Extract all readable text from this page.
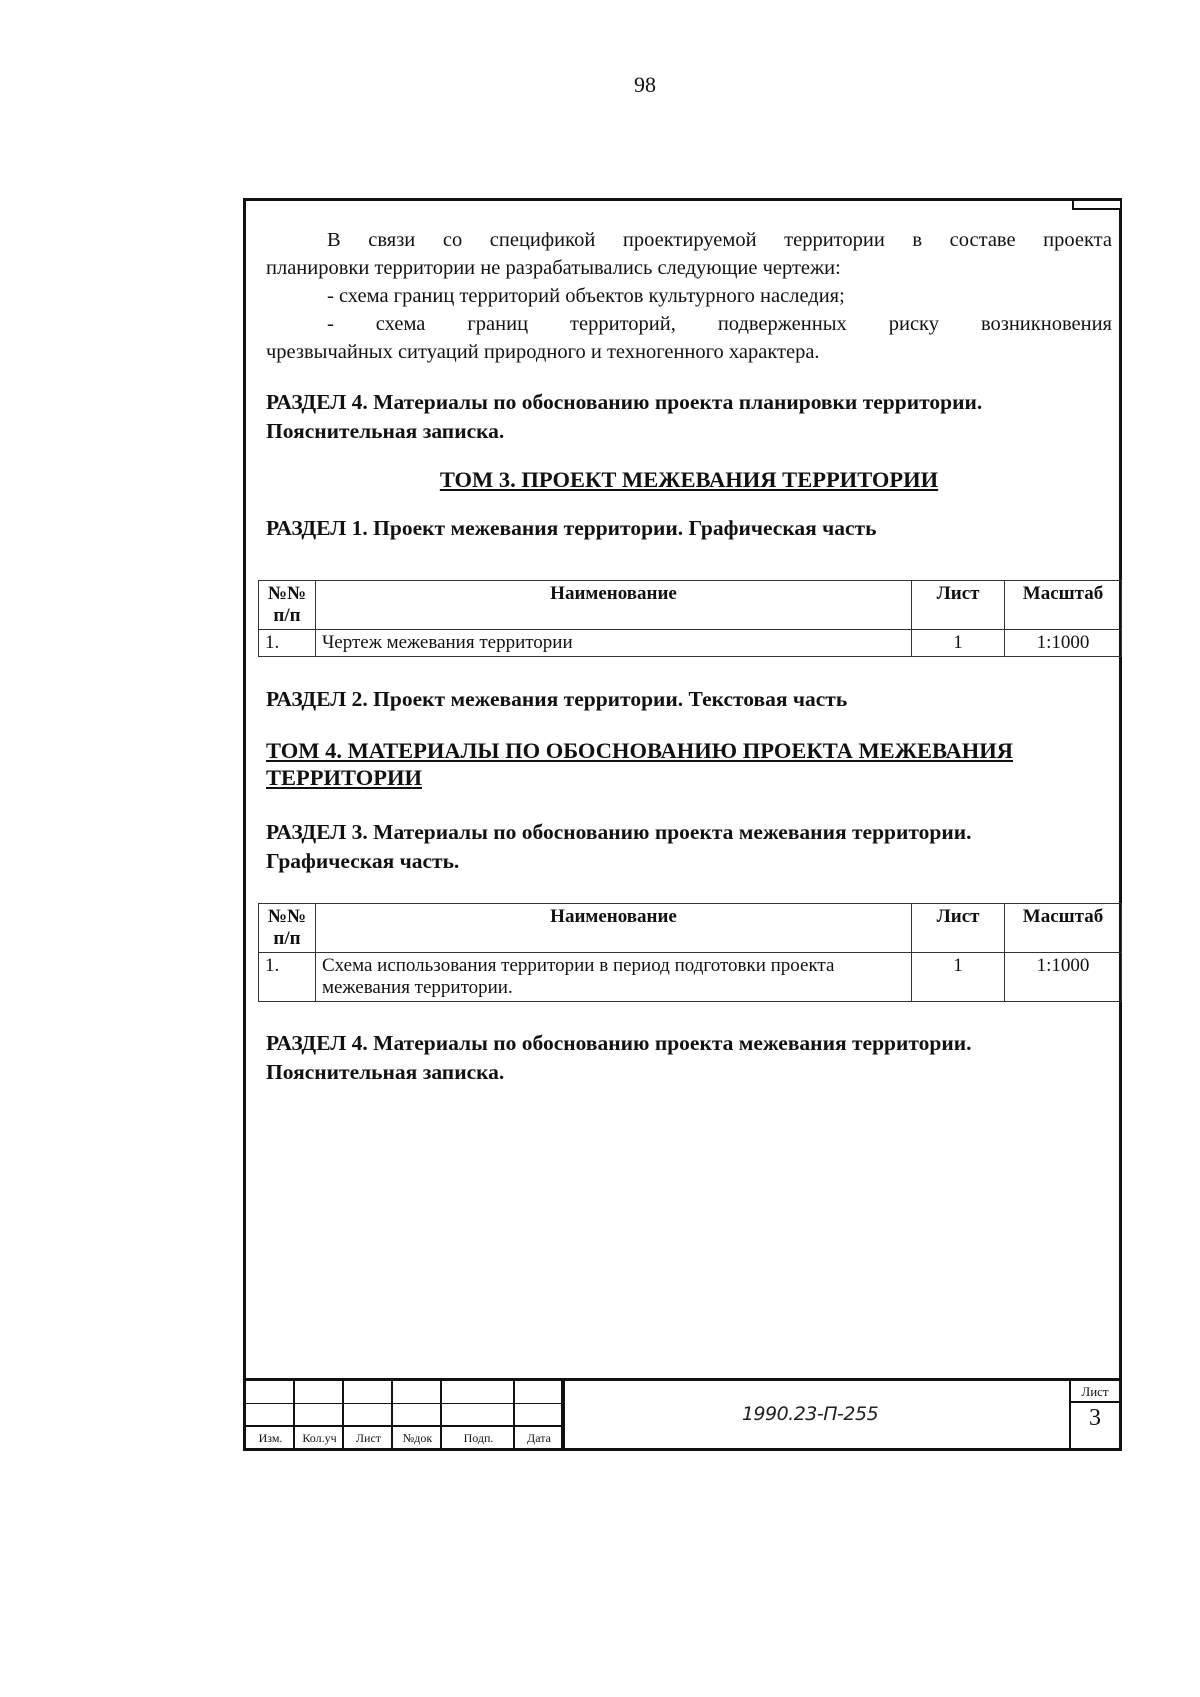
98
В связи со спецификой проектируемой территории в составе проекта
планировки территории не разрабатывались следующие чертежи:
- схема границ территорий объектов культурного наследия;
- схема границ территорий, подверженных риску возникновения
чрезвычайных ситуаций природного и техногенного характера.
РАЗДЕЛ 4. Материалы по обоснованию проекта планировки территории.
Пояснительная записка.
ТОМ 3. ПРОЕКТ МЕЖЕВАНИЯ ТЕРРИТОРИИ
РАЗДЕЛ 1. Проект межевания территории. Графическая часть
№№ п/п	Наименование	Лист	Масштаб
1.	Чертеж межевания территории	1	1:1000
РАЗДЕЛ 2. Проект межевания территории. Текстовая часть
ТОМ 4. МАТЕРИАЛЫ ПО ОБОСНОВАНИЮ ПРОЕКТА МЕЖЕВАНИЯ
ТЕРРИТОРИИ
РАЗДЕЛ 3. Материалы по обоснованию проекта межевания территории.
Графическая часть.
№№ п/п	Наименование	Лист	Масштаб
1.	Схема использования территории в период подготовки проекта
межевания территории.	1	1:1000
РАЗДЕЛ 4. Материалы по обоснованию проекта межевания территории.
Пояснительная записка.
Изм.	Кол.уч	Лист	№док	Подп.	Дата
1990.23-П-255
Лист
3
